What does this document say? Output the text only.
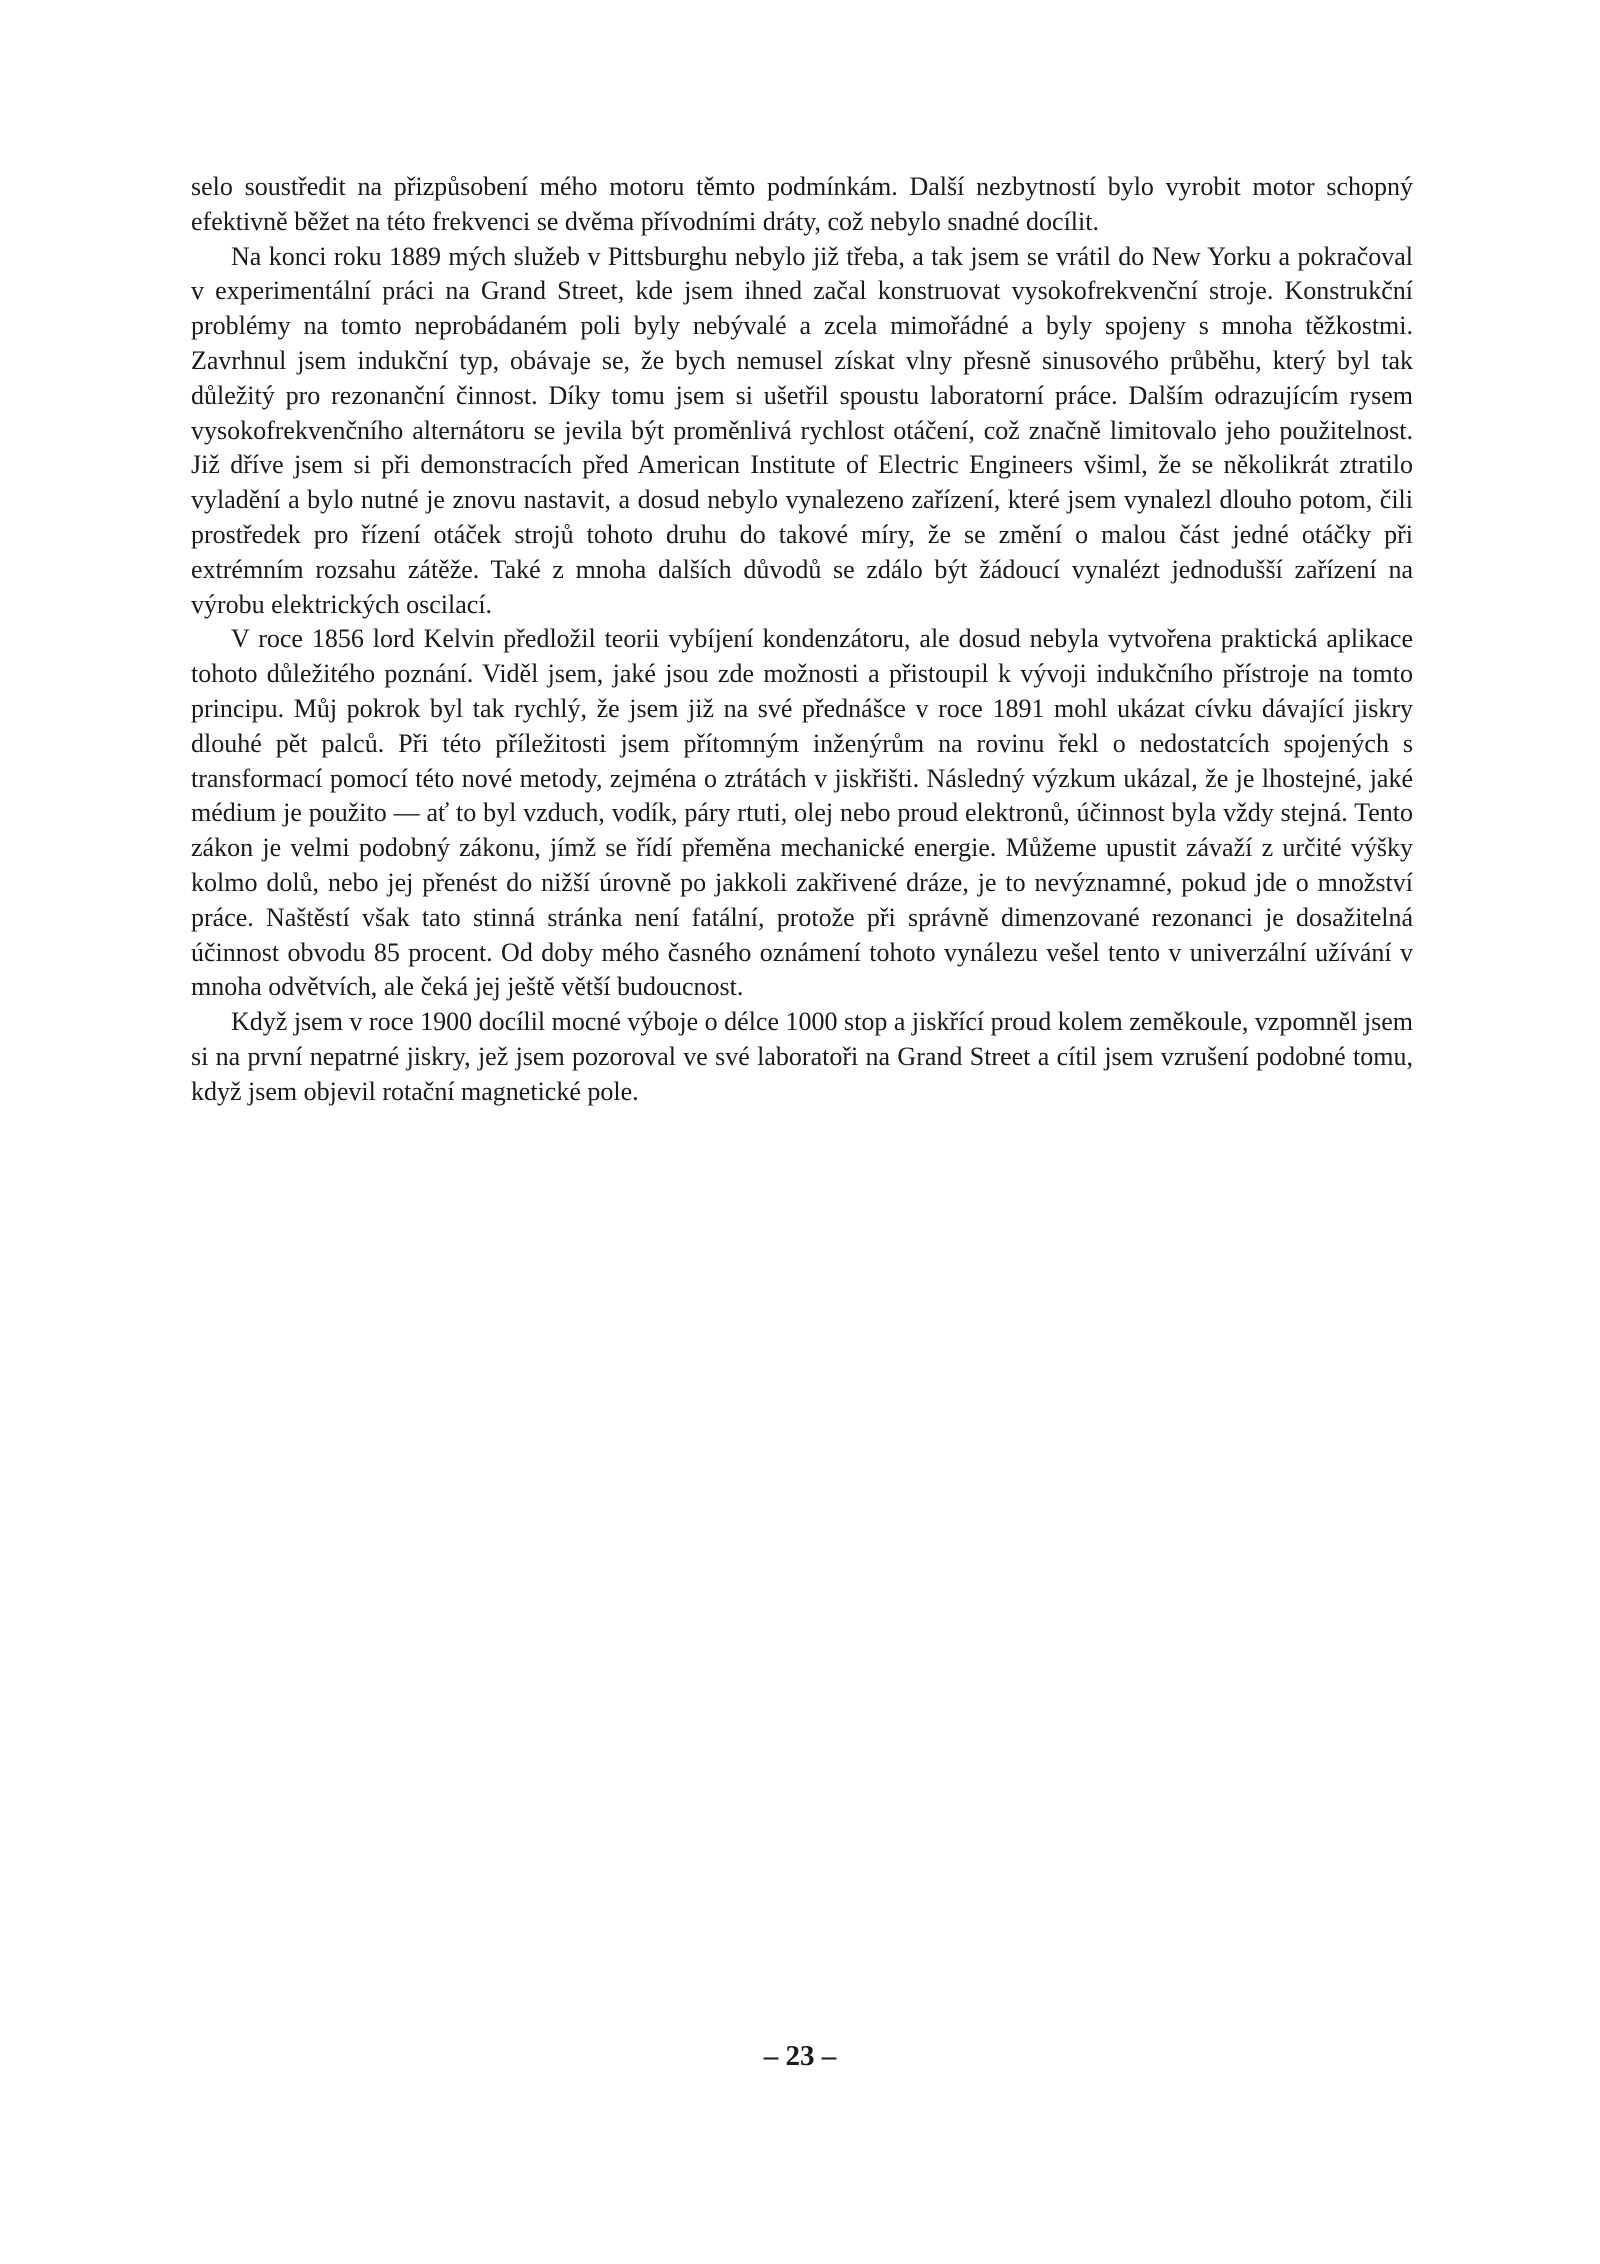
selo soustředit na přizpůsobení mého motoru těmto podmínkám. Další nezbytností bylo vyrobit motor schopný efektivně běžet na této frekvenci se dvěma přívodními dráty, což nebylo snadné docílit.

Na konci roku 1889 mých služeb v Pittsburghu nebylo již třeba, a tak jsem se vrátil do New Yorku a pokračoval v experimentální práci na Grand Street, kde jsem ihned začal konstruovat vysokofrekvenční stroje. Konstrukční problémy na tomto neprobádaném poli byly nebývalé a zcela mimořádné a byly spojeny s mnoha těžkostmi. Zavrhnul jsem indukční typ, obávaje se, že bych nemusel získat vlny přesně sinusového průběhu, který byl tak důležitý pro rezonanční činnost. Díky tomu jsem si ušetřil spoustu laboratorní práce. Dalším odrazujícím rysem vysokofrekvenčního alternátoru se jevila být proměnlivá rychlost otáčení, což značně limitovalo jeho použitelnost. Již dříve jsem si při demonstracích před American Institute of Electric Engineers všiml, že se několikrát ztratilo vyladění a bylo nutné je znovu nastavit, a dosud nebylo vynalezeno zařízení, které jsem vynalezl dlouho potom, čili prostředek pro řízení otáček strojů tohoto druhu do takové míry, že se změní o malou část jedné otáčky při extrémním rozsahu zátěže. Také z mnoha dalších důvodů se zdálo být žádoucí vynalézt jednodušší zařízení na výrobu elektrických oscilací.

V roce 1856 lord Kelvin předložil teorii vybíjení kondenzátoru, ale dosud nebyla vytvořena praktická aplikace tohoto důležitého poznání. Viděl jsem, jaké jsou zde možnosti a přistoupil k vývoji indukčního přístroje na tomto principu. Můj pokrok byl tak rychlý, že jsem již na své přednášce v roce 1891 mohl ukázat cívku dávající jiskry dlouhé pět palců. Při této příležitosti jsem přítomným inženýrům na rovinu řekl o nedostatcích spojených s transformací pomocí této nové metody, zejména o ztrátách v jiskřišti. Následný výzkum ukázal, že je lhostejné, jaké médium je použito — ať to byl vzduch, vodík, páry rtuti, olej nebo proud elektronů, účinnost byla vždy stejná. Tento zákon je velmi podobný zákonu, jímž se řídí přeměna mechanické energie. Můžeme upustit závaží z určité výšky kolmo dolů, nebo jej přenést do nižší úrovně po jakkoli zakřivené dráze, je to nevýznamné, pokud jde o množství práce. Naštěstí však tato stinná stránka není fatální, protože při správně dimenzované rezonanci je dosažitelná účinnost obvodu 85 procent. Od doby mého časného oznámení tohoto vynálezu vešel tento v univerzální užívání v mnoha odvětvích, ale čeká jej ještě větší budoucnost.

Když jsem v roce 1900 docílil mocné výboje o délce 1000 stop a jiskřící proud kolem zeměkoule, vzpomněl jsem si na první nepatrné jiskry, jež jsem pozoroval ve své laboratoři na Grand Street a cítil jsem vzrušení podobné tomu, když jsem objevil rotační magnetické pole.

– 23 –
